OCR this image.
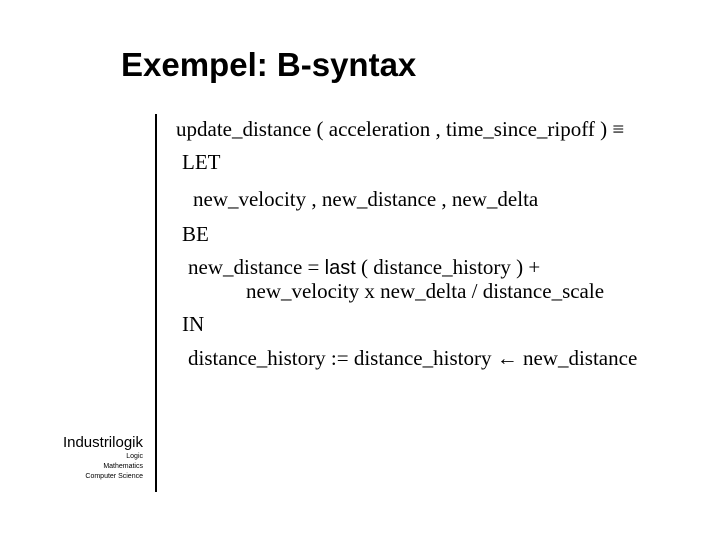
Exempel: B-syntax
update_distance ( acceleration , time_since_ripoff ) ≡
LET
new_velocity , new_distance , new_delta
BE
new_distance = last ( distance_history ) +
new_velocity x new_delta / distance_scale
IN
distance_history := distance_history ← new_distance
Industrilogik
Logic
Mathematics
Computer Science
